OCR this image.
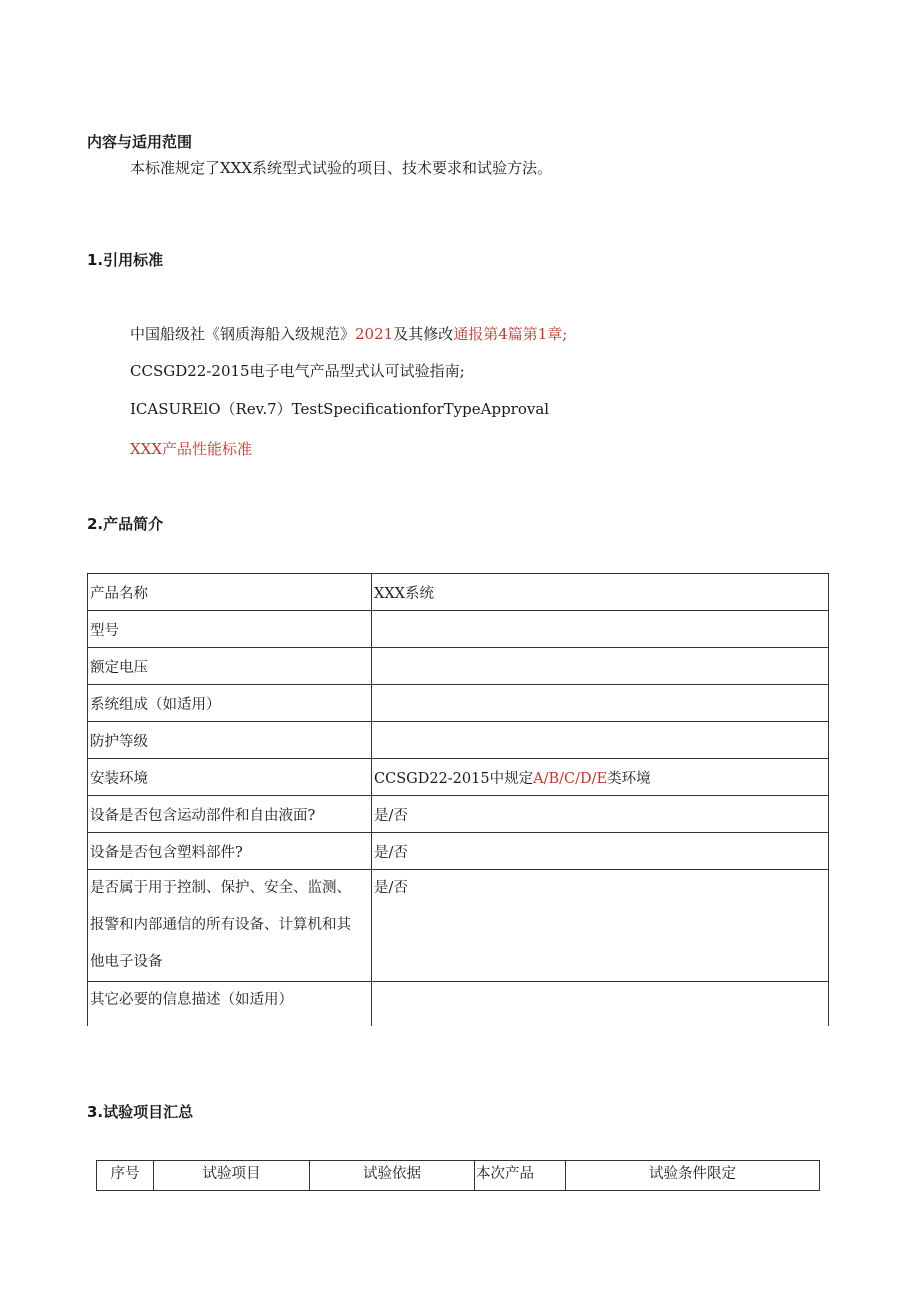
内容与适用范围
本标准规定了XXX系统型式试验的项目、技术要求和试验方法。
1.引用标准
中国船级社《钢质海船入级规范》2021及其修改通报第4篇第1章;
CCSGD22-2015电子电气产品型式认可试验指南;
ICASURElO（Rev.7）TestSpecificationforTypeApproval
XXX产品性能标准
2.产品简介
产品名称	XXX系统
型号	
额定电压	
系统组成（如适用）	
防护等级	
安装环境	CCSGD22-2015中规定A/B/C/D/E类环境
设备是否包含运动部件和自由液面?	是/否
设备是否包含塑料部件?	是/否

是否属于用于控制、保护、安全、监测、
报警和内部通信的所有设备、计算机和其
他电子设备	是/否
其它必要的信息描述（如适用）	
3.试验项目汇总
序号	试验项目	试验依据	本次产品	试验条件限定
